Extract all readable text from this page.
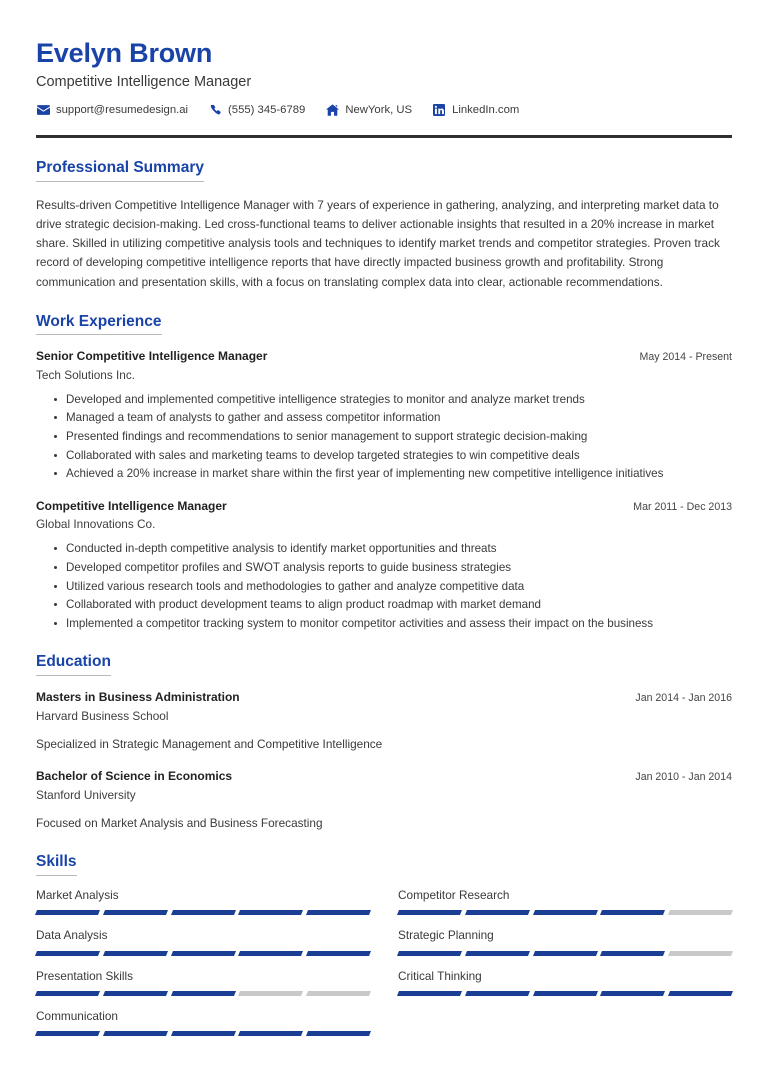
Evelyn Brown
Competitive Intelligence Manager
support@resumedesign.ai	(555) 345-6789	NewYork, US	LinkedIn.com
Professional Summary

Results-driven Competitive Intelligence Manager with 7 years of experience in gathering, analyzing, and interpreting market data to drive strategic decision-making. Led cross-functional teams to deliver actionable insights that resulted in a 20% increase in market share. Skilled in utilizing competitive analysis tools and techniques to identify market trends and competitor strategies. Proven track record of developing competitive intelligence reports that have directly impacted business growth and profitability. Strong communication and presentation skills, with a focus on translating complex data into clear, actionable recommendations.

Work Experience
Senior Competitive Intelligence Manager
Tech Solutions Inc.
May 2014 - Present
Developed and implemented competitive intelligence strategies to monitor and analyze market trends
Managed a team of analysts to gather and assess competitor information
Presented findings and recommendations to senior management to support strategic decision-making
Collaborated with sales and marketing teams to develop targeted strategies to win competitive deals
Achieved a 20% increase in market share within the first year of implementing new competitive intelligence initiatives
Competitive Intelligence Manager
Global Innovations Co.
Mar 2011 - Dec 2013
Conducted in-depth competitive analysis to identify market opportunities and threats
Developed competitor profiles and SWOT analysis reports to guide business strategies
Utilized various research tools and methodologies to gather and analyze competitive data
Collaborated with product development teams to align product roadmap with market demand
Implemented a competitor tracking system to monitor competitor activities and assess their impact on the business
Education
Masters in Business Administration
Harvard Business School
Jan 2014 - Jan 2016
Specialized in Strategic Management and Competitive Intelligence
Bachelor of Science in Economics
Stanford University
Jan 2010 - Jan 2014
Focused on Market Analysis and Business Forecasting
Skills
Market Analysis	Competitor Research
Data Analysis	Strategic Planning
Presentation Skills	Critical Thinking
Communication
